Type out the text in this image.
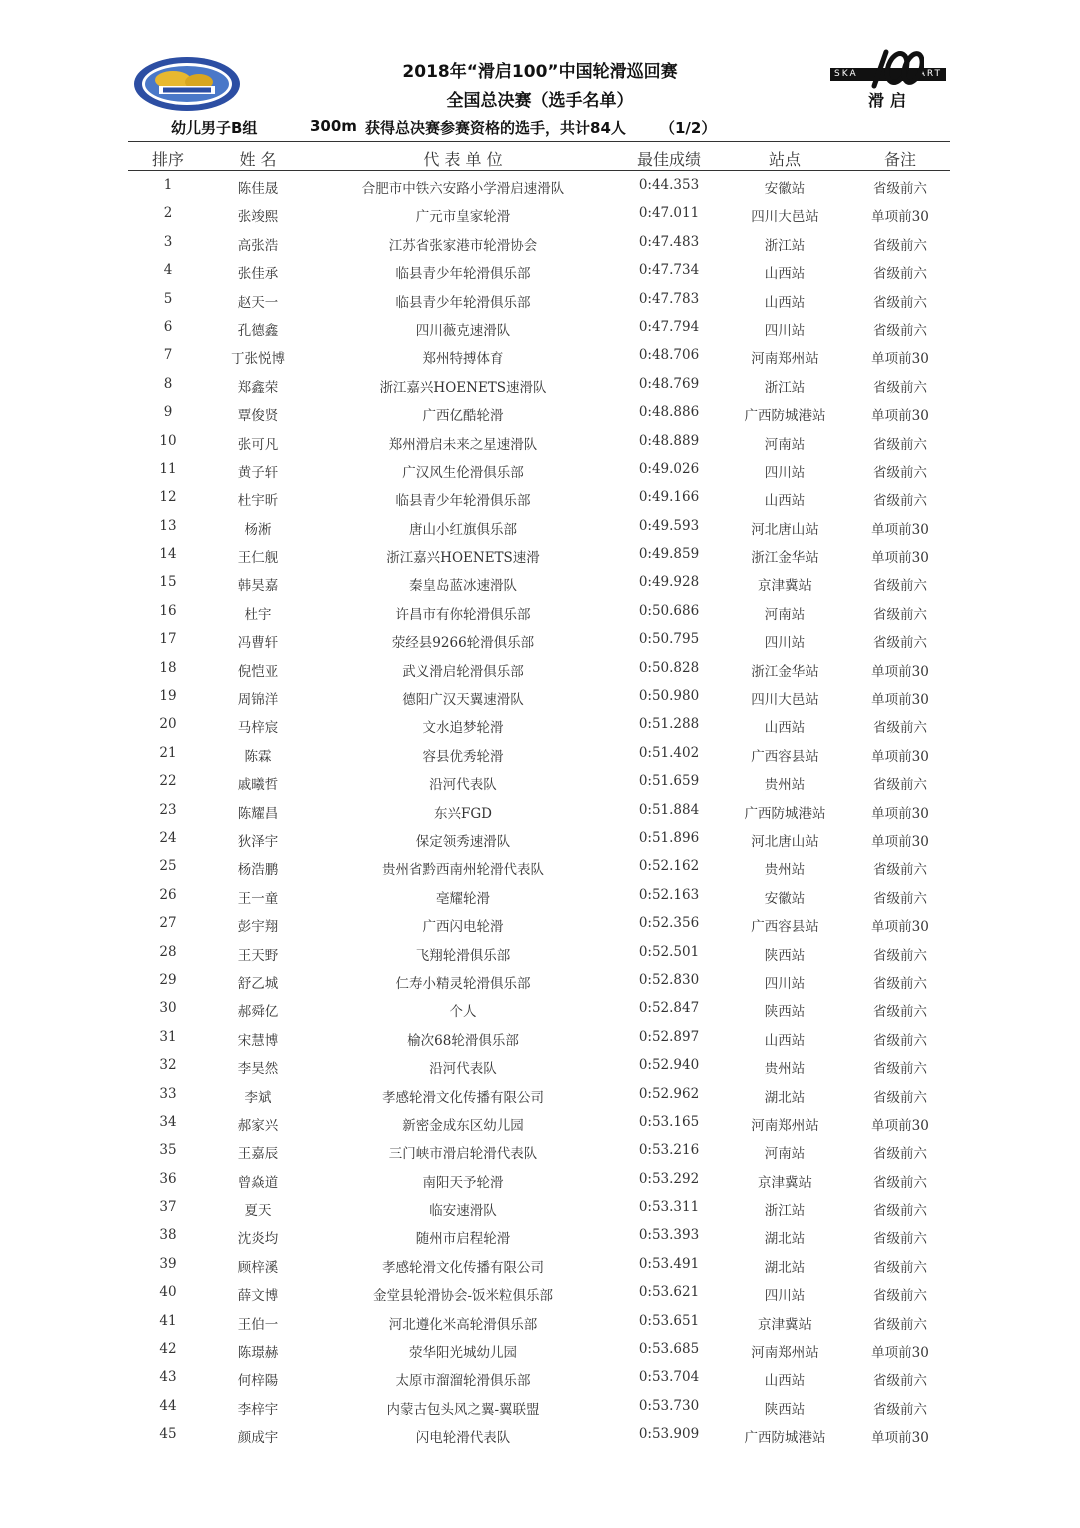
SKA	ART
滑启
2018年“滑启100”中国轮滑巡回赛
全国总决赛（选手名单）
幼儿男子B组	300m 获得总决赛参赛资格的选手，共计84人 （1/2）
排序	姓 名	代 表 单 位	最佳成绩	站点	备注
1	陈佳晟	合肥市中铁六安路小学滑启速滑队	0:44.353	安徽站	省级前六
2	张竣熙	广元市皇家轮滑	0:47.011	四川大邑站	单项前30
3	高张浩	江苏省张家港市轮滑协会	0:47.483	浙江站	省级前六
4	张佳承	临县青少年轮滑俱乐部	0:47.734	山西站	省级前六
5	赵天一	临县青少年轮滑俱乐部	0:47.783	山西站	省级前六
6	孔德鑫	四川薇克速滑队	0:47.794	四川站	省级前六
7	丁张悦博	郑州特搏体育	0:48.706	河南郑州站	单项前30
8	郑鑫荣	浙江嘉兴HOENETS速滑队	0:48.769	浙江站	省级前六
9	覃俊贤	广西亿酷轮滑	0:48.886	广西防城港站	单项前30
10	张可凡	郑州滑启未来之星速滑队	0:48.889	河南站	省级前六
11	黄子轩	广汉风生伦滑俱乐部	0:49.026	四川站	省级前六
12	杜宇昕	临县青少年轮滑俱乐部	0:49.166	山西站	省级前六
13	杨淅	唐山小红旗俱乐部	0:49.593	河北唐山站	单项前30
14	王仁舰	浙江嘉兴HOENETS速滑	0:49.859	浙江金华站	单项前30
15	韩昊嘉	秦皇岛蓝冰速滑队	0:49.928	京津冀站	省级前六
16	杜宇	许昌市有你轮滑俱乐部	0:50.686	河南站	省级前六
17	冯曹轩	荥经县9266轮滑俱乐部	0:50.795	四川站	省级前六
18	倪恺亚	武义滑启轮滑俱乐部	0:50.828	浙江金华站	单项前30
19	周锦洋	德阳广汉天翼速滑队	0:50.980	四川大邑站	单项前30
20	马梓宸	文水追梦轮滑	0:51.288	山西站	省级前六
21	陈霖	容县优秀轮滑	0:51.402	广西容县站	单项前30
22	戚曦哲	沿河代表队	0:51.659	贵州站	省级前六
23	陈耀昌	东兴FGD	0:51.884	广西防城港站	单项前30
24	狄泽宇	保定领秀速滑队	0:51.896	河北唐山站	单项前30
25	杨浩鹏	贵州省黔西南州轮滑代表队	0:52.162	贵州站	省级前六
26	王一童	亳耀轮滑	0:52.163	安徽站	省级前六
27	彭宇翔	广西闪电轮滑	0:52.356	广西容县站	单项前30
28	王天野	飞翔轮滑俱乐部	0:52.501	陕西站	省级前六
29	舒乙城	仁寿小精灵轮滑俱乐部	0:52.830	四川站	省级前六
30	郝舜亿	个人	0:52.847	陕西站	省级前六
31	宋慧博	榆次68轮滑俱乐部	0:52.897	山西站	省级前六
32	李昊然	沿河代表队	0:52.940	贵州站	省级前六
33	李斌	孝感轮滑文化传播有限公司	0:52.962	湖北站	省级前六
34	郝家兴	新密金成东区幼儿园	0:53.165	河南郑州站	单项前30
35	王嘉辰	三门峡市滑启轮滑代表队	0:53.216	河南站	省级前六
36	曾焱道	南阳天予轮滑	0:53.292	京津冀站	省级前六
37	夏天	临安速滑队	0:53.311	浙江站	省级前六
38	沈炎均	随州市启程轮滑	0:53.393	湖北站	省级前六
39	顾梓溪	孝感轮滑文化传播有限公司	0:53.491	湖北站	省级前六
40	薛文博	金堂县轮滑协会-饭米粒俱乐部	0:53.621	四川站	省级前六
41	王伯一	河北遵化米高轮滑俱乐部	0:53.651	京津冀站	省级前六
42	陈璟赫	荥华阳光城幼儿园	0:53.685	河南郑州站	单项前30
43	何梓陽	太原市溜溜轮滑俱乐部	0:53.704	山西站	省级前六
44	李梓宇	内蒙古包头风之翼-翼联盟	0:53.730	陕西站	省级前六
45	颜成宇	闪电轮滑代表队	0:53.909	广西防城港站	单项前30
